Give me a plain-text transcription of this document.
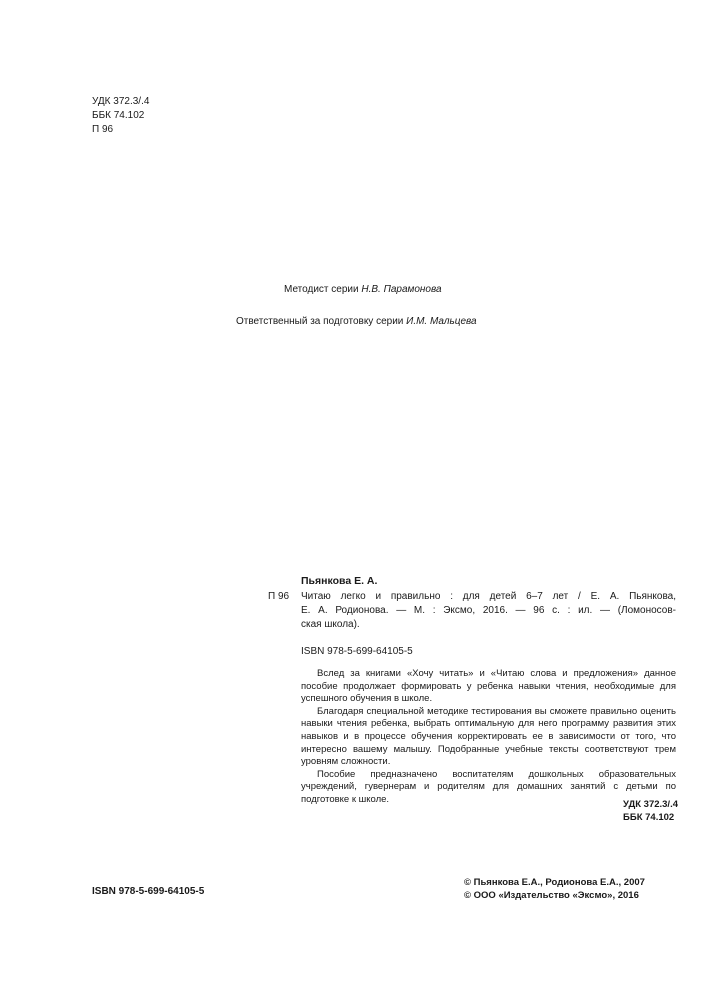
УДК 372.3/.4
ББК 74.102
П 96
Методист серии Н.В. Парамонова
Ответственный за подготовку серии И.М. Мальцева
Пьянкова Е. А.
П 96 Читаю легко и правильно : для детей 6–7 лет / Е. А. Пьянкова,
Е. А. Родионова. — М. : Эксмо, 2016. — 96 с. : ил. — (Ломоносов-
ская школа).
ISBN 978-5-699-64105-5

Вслед за книгами «Хочу читать» и «Читаю слова и предложения» данное пособие продолжает формировать у ребенка навыки чтения, необходимые для успешного обучения в школе.

Благодаря специальной методике тестирования вы сможете правильно оценить навыки чтения ребенка, выбрать оптимальную для него программу развития этих навыков и в процессе обучения корректировать ее в зависимости от того, что интересно вашему малышу. Подобранные учебные тексты соответствуют трем уровням сложности.

Пособие предназначено воспитателям дошкольных образовательных учреждений, гувернерам и родителям для домашних занятий с детьми по подготовке к школе.	УДК 372.3/.4
ББК 74.102
ISBN 978-5-699-64105-5
© Пьянкова Е.А., Родионова Е.А., 2007
© ООО «Издательство «Эксмо», 2016
